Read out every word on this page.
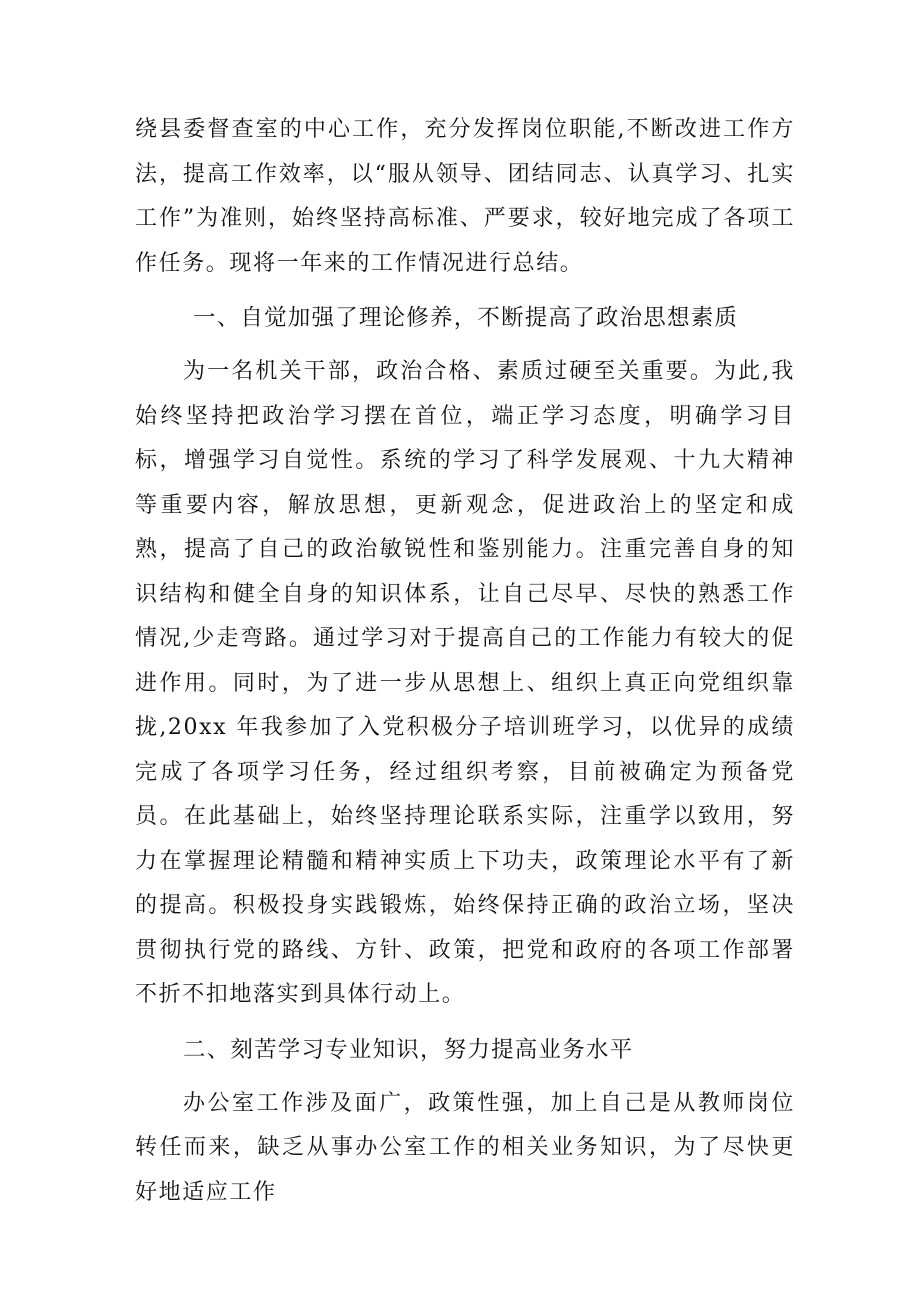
绕县委督查室的中心工作，充分发挥岗位职能,不断改进工作方法，提高工作效率，以“服从领导、团结同志、认真学习、扎实工作”为准则，始终坚持高标准、严要求，较好地完成了各项工作任务。现将一年来的工作情况进行总结。

一、自觉加强了理论修养，不断提高了政治思想素质

为一名机关干部，政治合格、素质过硬至关重要。为此,我始终坚持把政治学习摆在首位，端正学习态度，明确学习目标，增强学习自觉性。系统的学习了科学发展观、十九大精神等重要内容，解放思想，更新观念，促进政治上的坚定和成熟，提高了自己的政治敏锐性和鉴别能力。注重完善自身的知识结构和健全自身的知识体系，让自己尽早、尽快的熟悉工作情况,少走弯路。通过学习对于提高自己的工作能力有较大的促进作用。同时，为了进一步从思想上、组织上真正向党组织靠拢,20xx 年我参加了入党积极分子培训班学习，以优异的成绩完成了各项学习任务，经过组织考察，目前被确定为预备党员。在此基础上，始终坚持理论联系实际，注重学以致用，努力在掌握理论精髓和精神实质上下功夫，政策理论水平有了新的提高。积极投身实践锻炼，始终保持正确的政治立场，坚决贯彻执行党的路线、方针、政策，把党和政府的各项工作部署不折不扣地落实到具体行动上。

二、刻苦学习专业知识，努力提高业务水平

办公室工作涉及面广，政策性强，加上自己是从教师岗位转任而来，缺乏从事办公室工作的相关业务知识，为了尽快更好地适应工作
